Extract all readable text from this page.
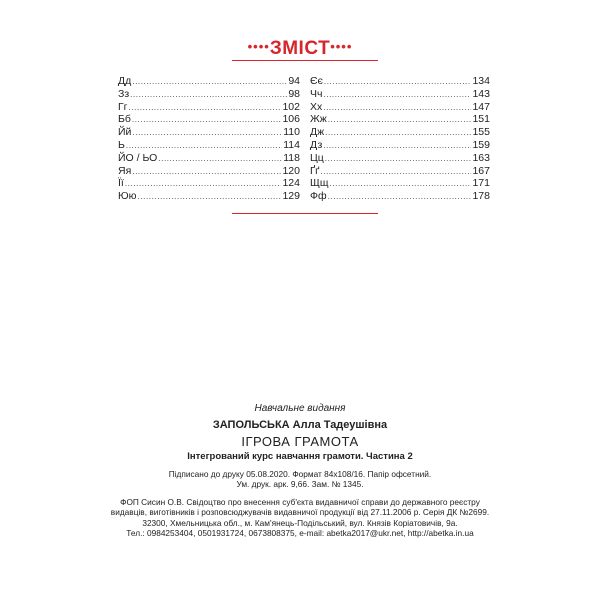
••••ЗМІСТ••••
Дд .....	94
Зз .....	98
Гг .....	102
Бб .....	106
Йй .....	110
Ь .....	114
ЙО / ЬО .....	118
Яя .....	120
Її .....	124
Юю .....	129
Єє .....	134
Чч .....	143
Хх .....	147
Жж .....	151
Дж .....	155
Дз .....	159
Цц .....	163
Ґґ .....	167
Щщ .....	171
Фф .....	178
Навчальне видання
ЗАПОЛЬСЬКА Алла Тадеушівна
ІГРОВА ГРАМОТА
Інтегрований курс навчання грамоти. Частина 2
Підписано до друку 05.08.2020. Формат 84х108/16. Папір офсетний.
Ум. друк. арк. 9,66. Зам. № 1345.
ФОП Сисин О.В. Свідоцтво про внесення суб'єкта видавничої справи до державного реєстру
видавців, виготівників і розповсюджувачів видавничої продукції від 27.11.2006 р. Серія ДК №2699.
32300, Хмельницька обл., м. Кам'янець-Подільський, вул. Князів Коріатовичів, 9а.
Тел.: 0984253404, 0501931724, 0673808375, e-mail: abetka2017@ukr.net, http://abetka.in.ua
